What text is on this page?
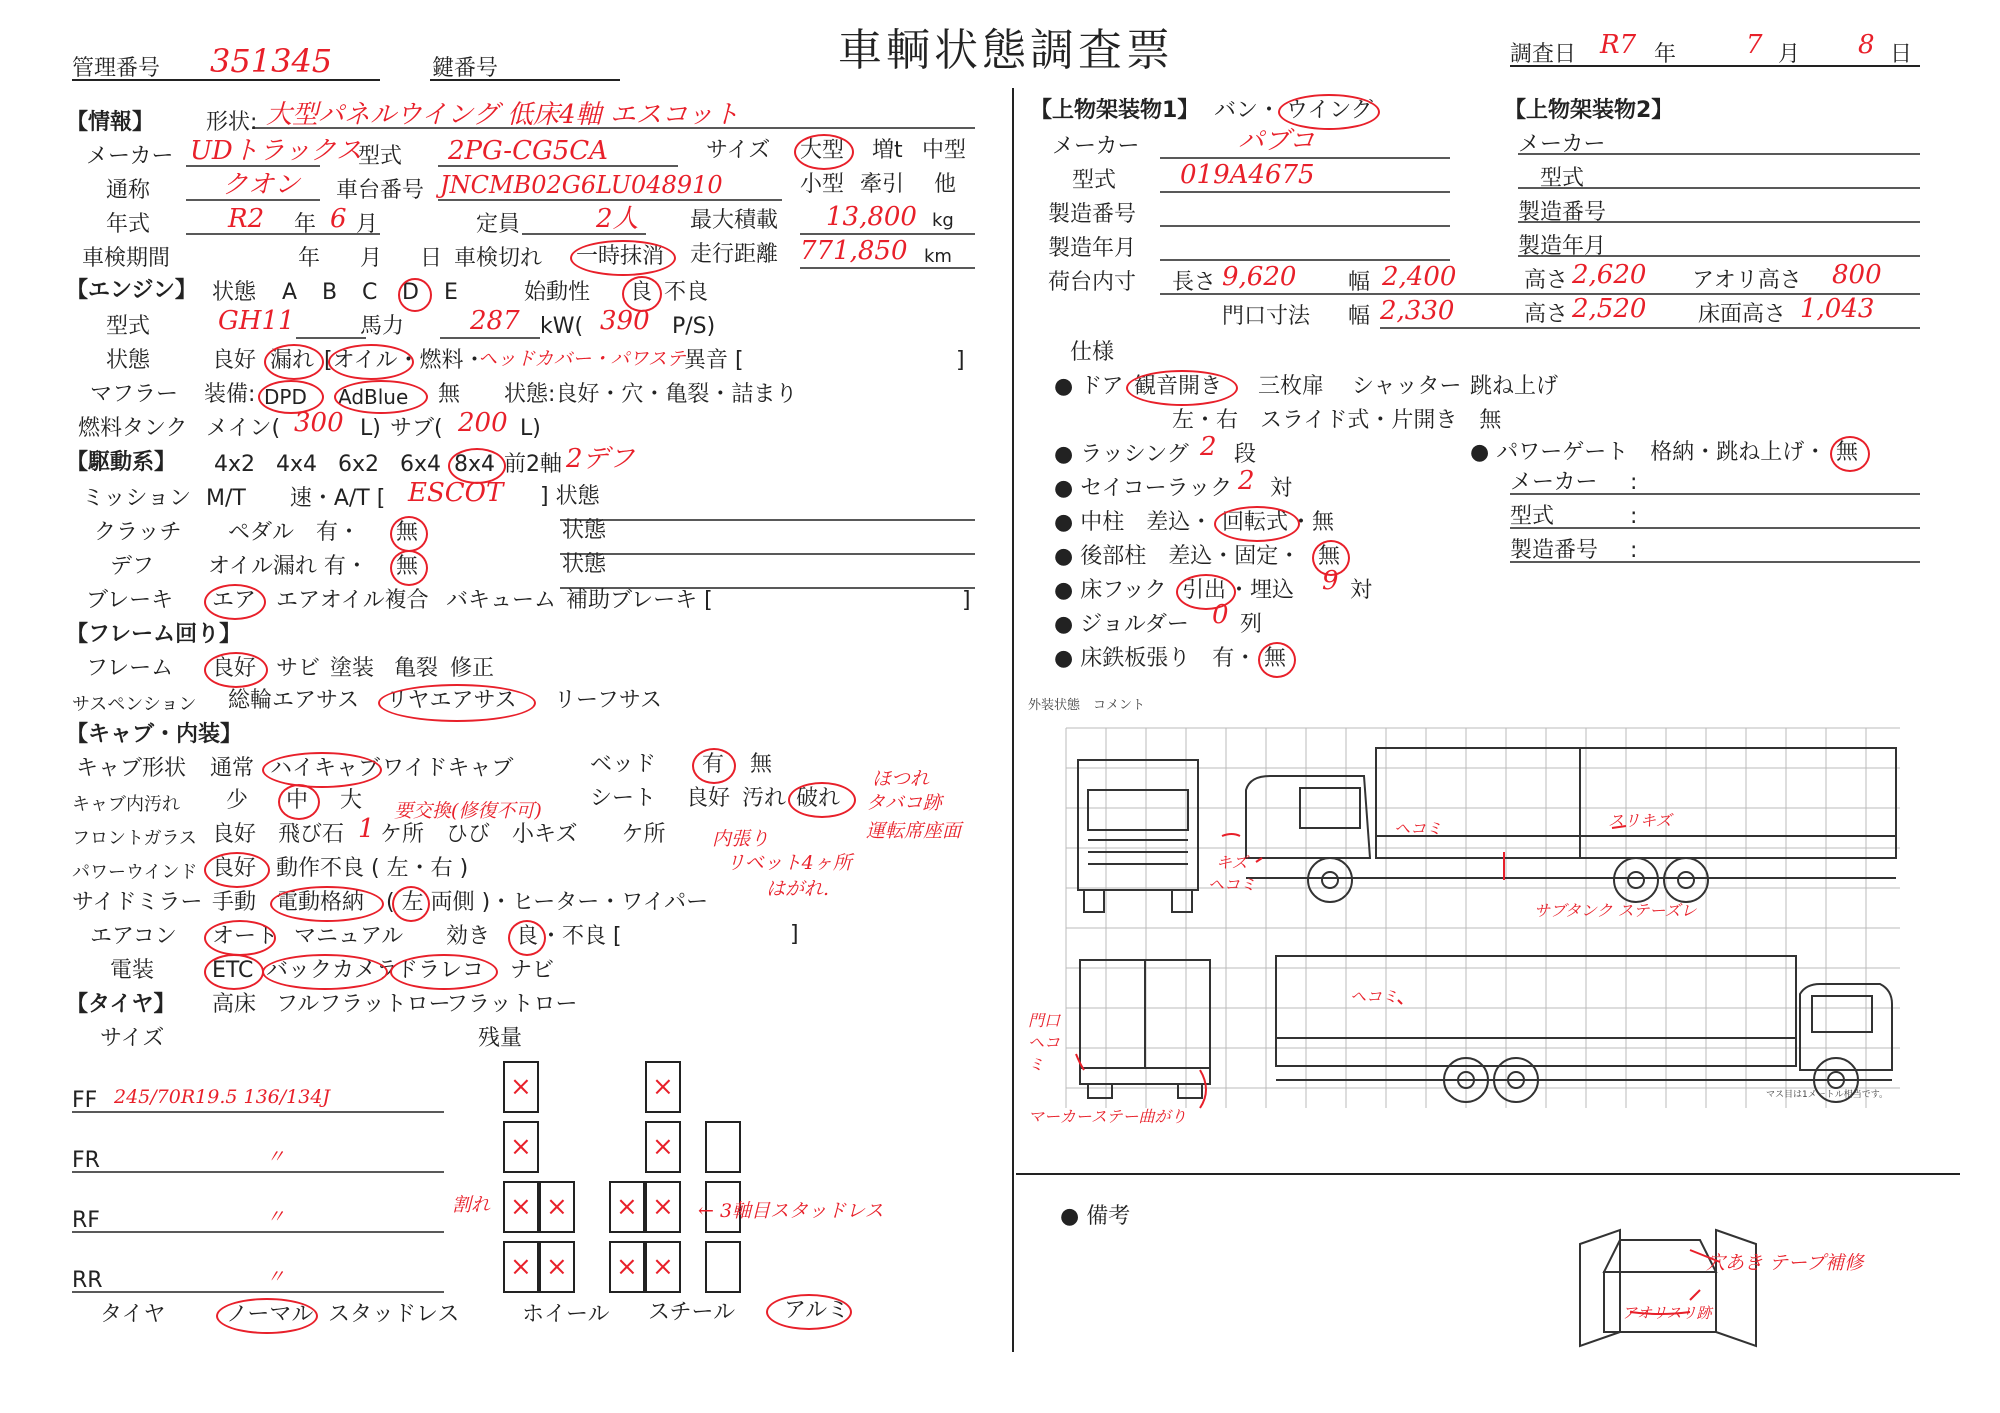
車輌状態調査票
管理番号 351345	鍵番号
調査日 R7 年	7 月 8 日
【情報】 形状: 大型パネルウイング 低床4軸 エスコット
メーカー UDトラックス
型式 2PG-CG5CA	サイズ 大型 増t 中型
通称	クオン 車台番号 JNCMB02G6LU048910	小型 牽引 他
年式	R2 年 6 月	定員	2人 最大積載 13,800 kg
車検期間	年 月 日 車検切れ 一時抹消 走行距離 771,850 km
【エンジン】 状態 A B C D E	始動性 良 不良
型式	GH11	馬力	287 kW( 390 P/S)
状態	良好 漏れ [オイル・燃料・
ヘッドカバー・パワステ
異音 [	]
マフラー 装備: DPD AdBlue 無 状態:良好・穴・亀裂・詰まり
燃料タンク メイン( 300 L) サブ( 200 L)
【駆動系】 4x2 4x4 6x2 6x4 8x4 前2軸 2デフ
ミッション M/T　　速・A/T [ ESCOT ] 状態
クラッチ ペダル　有・ 無	状態
デフ オイル漏れ 有・ 無	状態
ブレーキ エア エアオイル複合 バキューム 補助ブレーキ [	]
【フレーム回り】
フレーム 良好 サビ 塗装 亀裂 修正
サスペンション 総輪エアサス リヤエアサス リーフサス
【キャブ・内装】
キャブ形状 通常 ハイキャブ ワイドキャブ	ベッド 有 無
キャブ内汚れ 少 中 大	シート 良好 汚れ 破れ
ほつれ
タバコ跡
運転席座面
フロントガラス 良好　飛び石 1 ケ所　ひび　小キズ　　ケ所
要交換(修復不可)
パワーウインド 良好 動作不良 ( 左・右 )
内張り
リベット4ヶ所
はがれ.
サイドミラー 手動 電動格納 ( 左 両側 )・ヒーター・ワイパー
エアコン オート マニュアル 効き 良 ・不良 [	]
電装	ETC バックカメラ
ドラレコ ナビ
【タイヤ】 高床 フルフラットロー
フラットロー
サイズ	残量
FF 245/70R19.5 136/134J
FR	〃
RF	〃
RR	〃
×	×
×	×
× × × ×
× × × ×
割れ	← 3軸目スタッドレス
タイヤ	ノーマル スタッドレス	ホイール スチール アルミ
【上物架装物1】 バン・ ウイング
メーカー	パブコ
型式 019A4675
製造番号
製造年月
荷台内寸 長さ 9,620 幅 2,400	高さ 2,620 アオリ高さ 800
門口寸法 幅 2,330	高さ 2,520 床面高さ 1,043
【上物架装物2】
メーカー
型式
製造番号
製造年月
仕様
● ドア 観音開き 三枚扉 シャッター 跳ね上げ
左・右　スライド式・片開き　無
● ラッシング 2 段
● セイコーラック 2 対
● 中柱　差込・ 回転式 ・無
● 後部柱　差込・固定・ 無
● 床フック 引出 ・埋込 9 対
● ジョルダー 0 列
● 床鉄板張り　有・ 無
● パワーゲート　格納・跳ね上げ・ 無
メーカー :
型式	:
製造番号 :
外装状態　コメント
ヘコミ	スリキズ
キズ
ヘコミ
サブタンク ステーズレ
ヘコミ
門口ヘコミ
マーカーステー曲がり
マス目は1メートル相当です。
● 備考
穴あき テープ補修
アオリスリ跡
